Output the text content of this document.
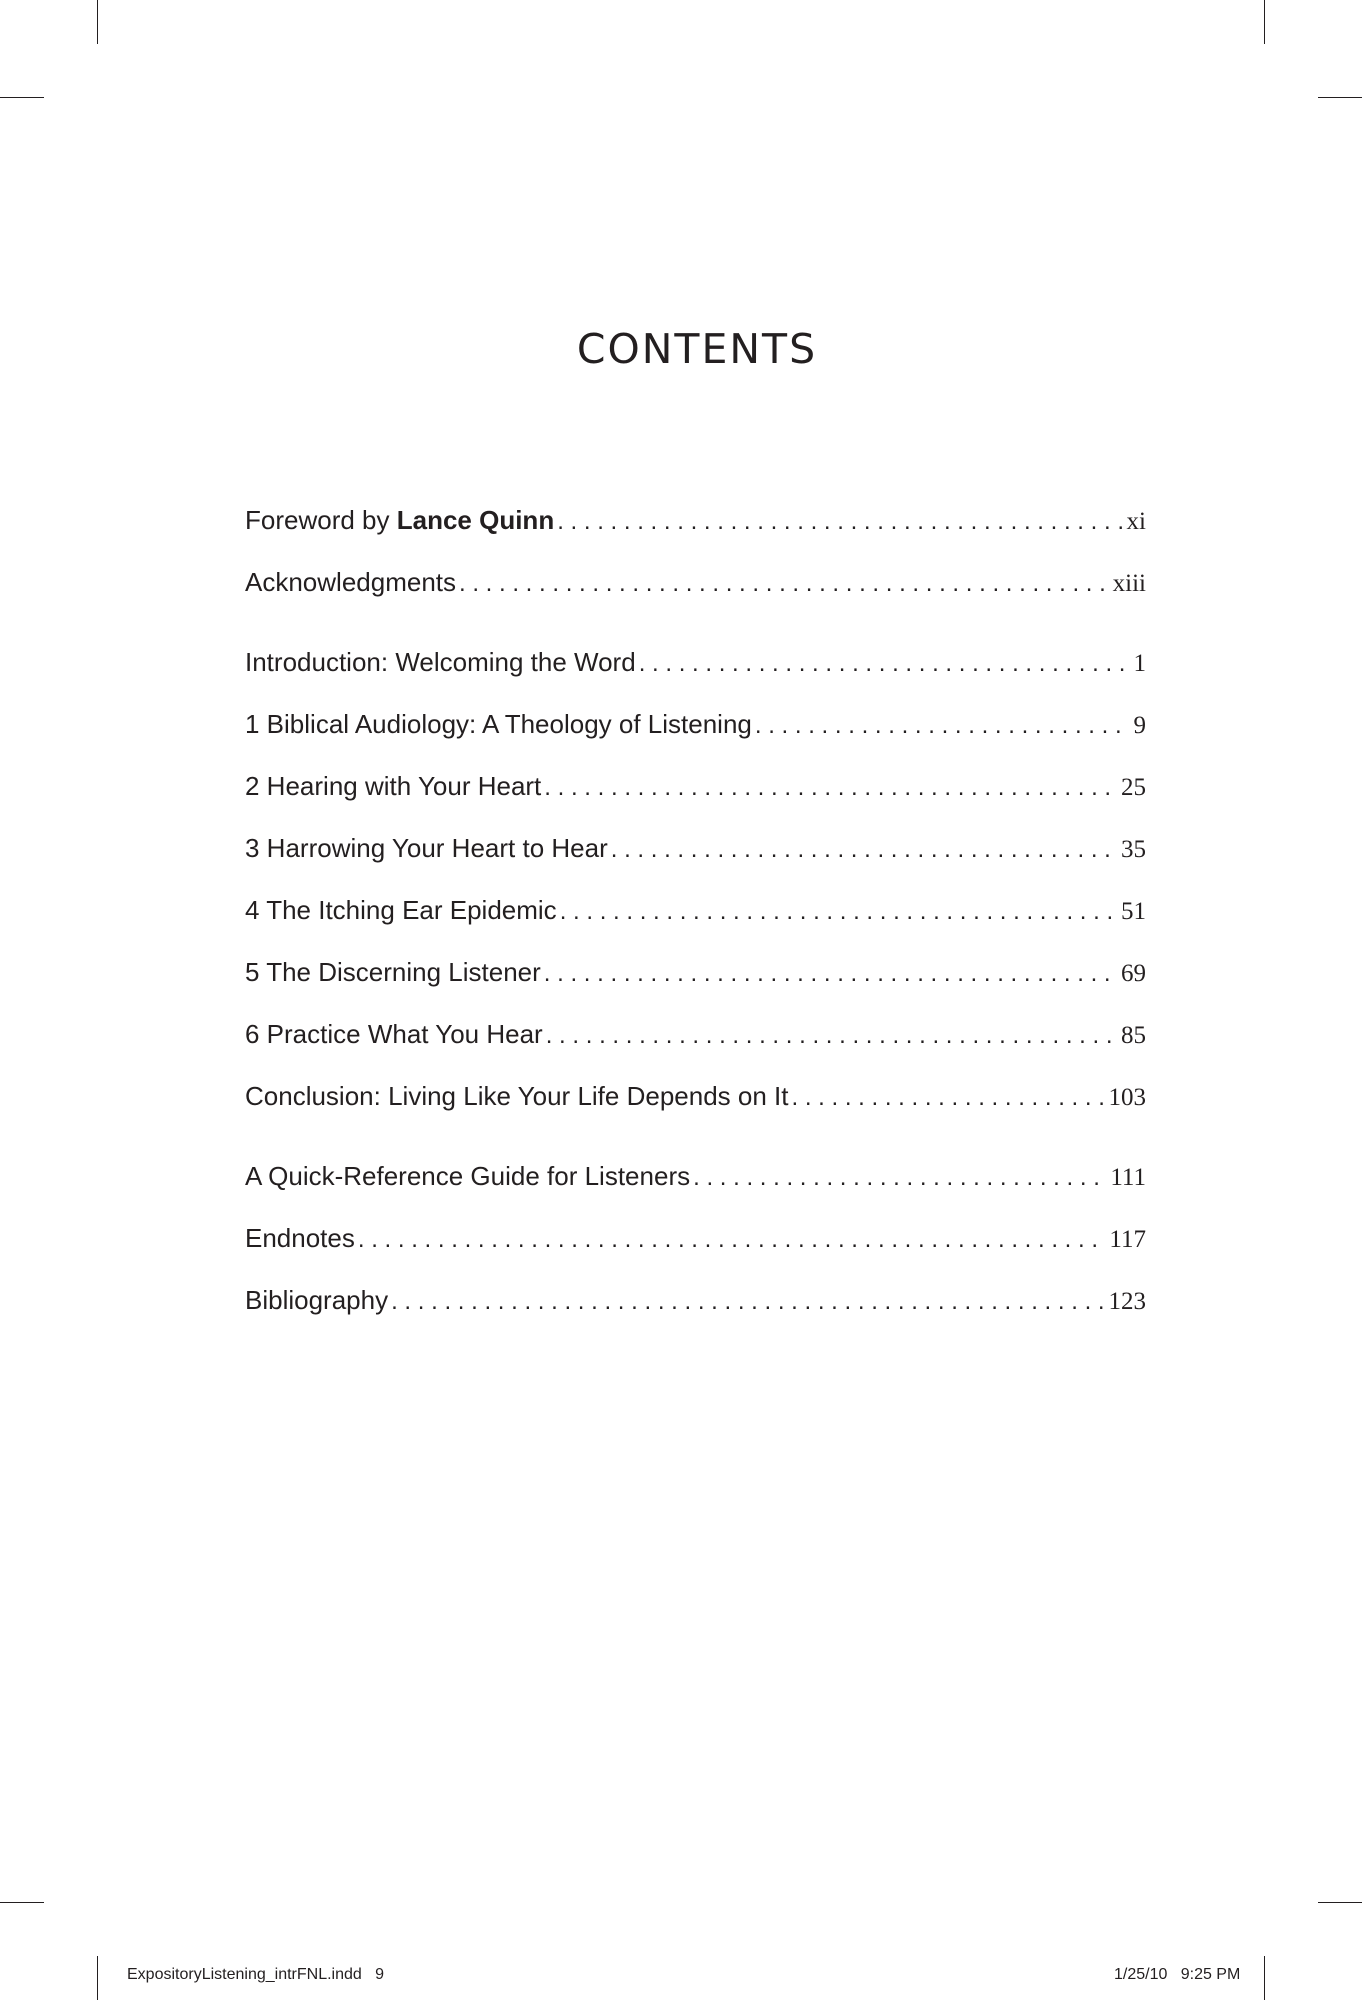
CONTENTS
Foreword by Lance Quinn . . .	xi
Acknowledgments . . .	xiii
Introduction: Welcoming the Word . . .	1
1 Biblical Audiology: A Theology of Listening . . .	9
2 Hearing with Your Heart . . .	25
3 Harrowing Your Heart to Hear . . .	35
4 The Itching Ear Epidemic . . .	51
5 The Discerning Listener . . .	69
6 Practice What You Hear . . .	85
Conclusion: Living Like Your Life Depends on It . . .	103
A Quick-Reference Guide for Listeners . . .	111
Endnotes . . .	117
Bibliography . . .	123
ExpositoryListening_intrFNL.indd   9	1/25/10   9:25 PM
